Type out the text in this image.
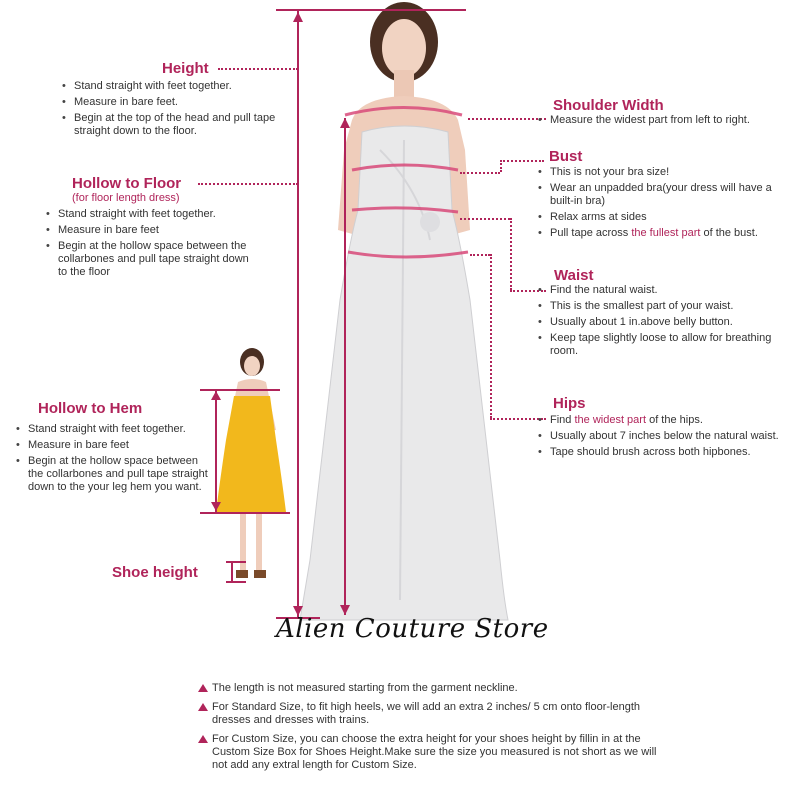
Height
• Stand straight with feet together.
• Measure in bare feet.
• Begin at the top of the head and pull tape straight down to the floor.
Hollow to Floor
(for floor length dress)
• Stand straight with feet together.
• Measure in bare feet
• Begin at the hollow space between the collarbones and pull tape straight down to the floor
Hollow to Hem
• Stand straight with feet together.
• Measure in bare feet
• Begin at the hollow space between the collarbones and pull tape straight down to the your leg hem you want.
Shoe height
Shoulder Width
• Measure the widest part from left to right.
Bust
• This is not your bra size!
• Wear an unpadded bra(your dress will have a built-in bra)
• Relax arms at sides
• Pull tape across the fullest part of the bust.
Waist
• Find the natural waist.
• This is the smallest part of your waist.
• Usually about 1 in.above belly button.
• Keep tape slightly loose to allow for breathing room.
Hips
• Find the widest part of the hips.
• Usually about 7 inches below the natural waist.
• Tape should brush across both hipbones.
Alien Couture Store
The length is not measured starting from the garment neckline.
For Standard Size, to fit high heels, we will add an extra 2 inches/ 5 cm onto floor-length dresses and dresses with trains.
For Custom Size, you can choose the extra height for your shoes height by fillin in at the Custom Size Box for Shoes Height.Make sure the size you measured is not short as we will not add any extral length for Custom Size.
